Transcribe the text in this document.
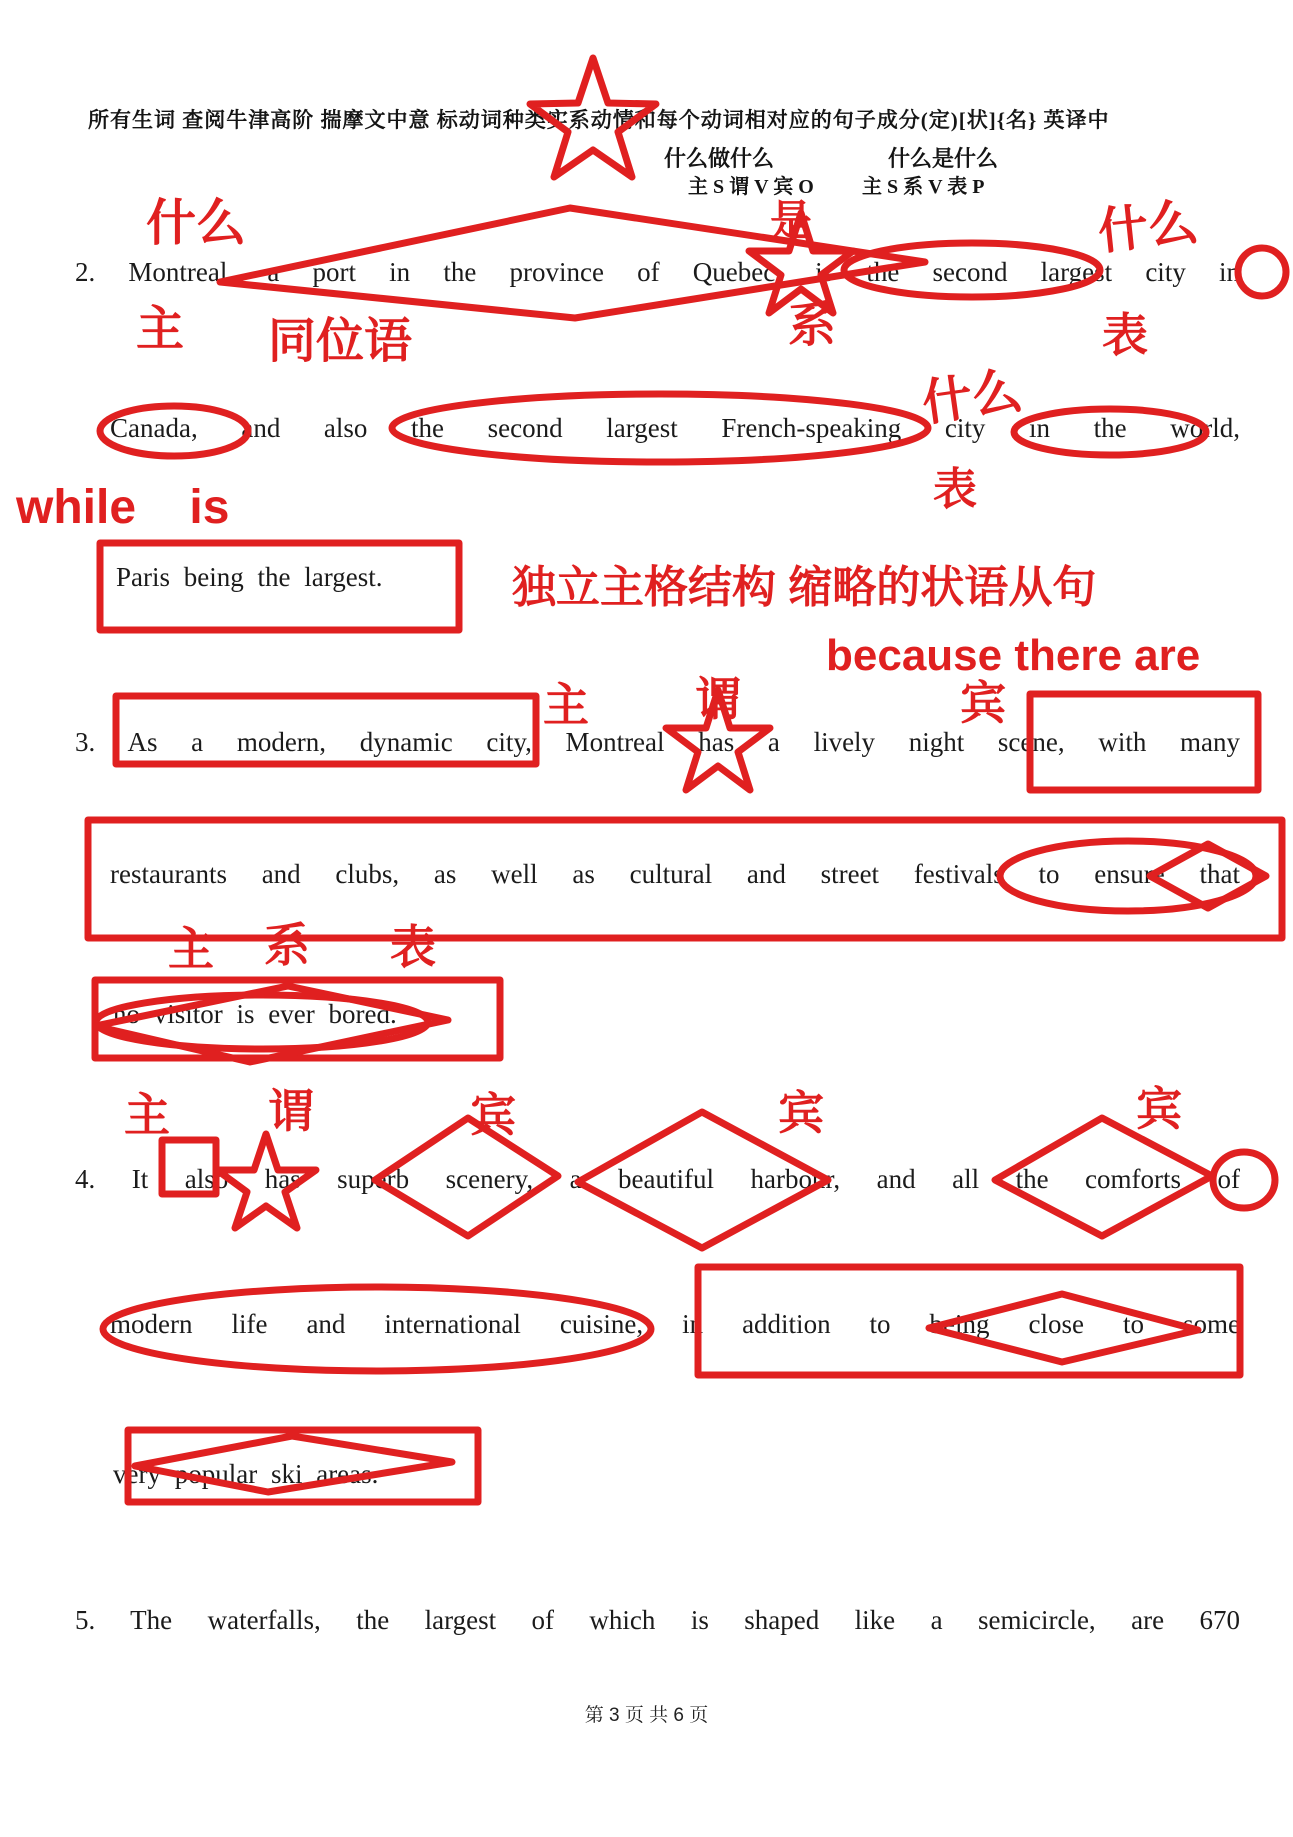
所有生词 查阅牛津高阶 揣摩文中意 标动词种类实系动情和每个动词相对应的句子成分(定)[状]{名} 英译中
什么做什么	什么是什么
主 S 谓 V 宾 O 主 S 系 V 表 P
2. Montreal, a port in the province of Quebec, is the second largest city in
Canada, and also the second largest French-speaking city in the world,
Paris being the largest.
3. As a modern, dynamic city, Montreal has a lively night scene, with many
restaurants and clubs, as well as cultural and street festivals to ensure that
no visitor is ever bored.
4. It also has superb scenery, a beautiful harbour, and all the comforts of
modern life and international cuisine, in addition to being close to some
very popular ski areas.
5. The waterfalls, the largest of which is shaped like a semicircle, are 670
什么	是	什么
主 同位语	系	表
什么
表
while    is
独立主格结构 缩略的状语从句
because there are
主 谓	宾
主 系 表
主 谓	宾	宾	宾
第 3 页 共 6 页
